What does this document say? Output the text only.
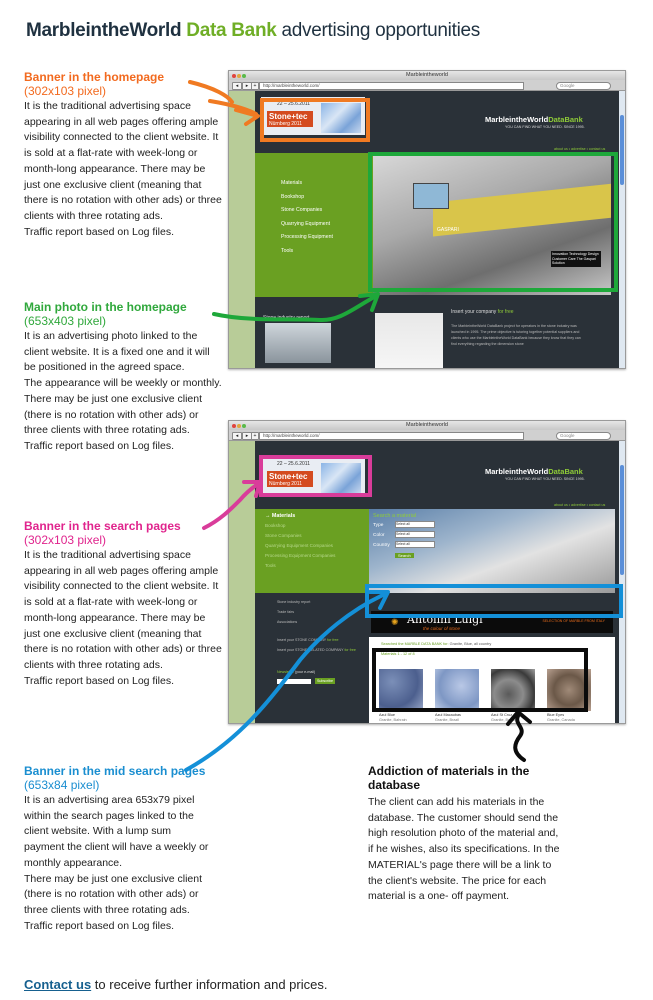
MarbleintheWorld Data Bank advertising opportunities
Banner in the homepage
(302x103 pixel)

It is the traditional advertising space appearing in all web pages offering ample visibility connected to the client website. It is sold at a flat-rate with week-long or month-long appearance. There may be just one exclusive client (meaning that there is no rotation with other ads) or three clients with three rotating ads.

Traffic report based on Log files.

Main photo in the homepage
(653x403 pixel)

It is an advertising photo linked to the client website. It is a fixed one and it will be positioned in the agreed space.

The appearance will be weekly or monthly.

There may be just one exclusive client (there is no rotation with other ads) or three clients with three rotating ads.

Traffic report based on Log files.

Banner in the search pages
(302x103 pixel)

It is the traditional advertising space appearing in all web pages offering ample visibility connected to the client website. It is sold at a flat-rate with week-long or month-long appearance. There may be just one exclusive client (meaning that there is no rotation with other ads) or three clients with three rotating ads.

Traffic report based on Log files.

Banner in the mid search pages
(653x84 pixel)

It is an advertising area 653x79 pixel within the search pages linked to the client website. With a lump sum payment the client will have a weekly or monthly appearance.

There may be just one exclusive client (there is no rotation with other ads) or three clients with three rotating ads.

Traffic report based on Log files.

Addiction of materials in the database

The client can add his materials in the database. The customer should send the high resolution photo of the material and, if he wishes, also its specifications. In the MATERIAL's page there will be a link to the client's website. The price for each material is a one- off payment.

Marbleintheworld
◂	▸	+	http://marbleintheworld.com/	Google
22 – 25.6.2011
Stone+tec
Nürnberg 2011	MarbleintheWorldDataBank
YOU CAN FIND WHAT YOU NEED. SINCE 1995.
about us • advertise • contact us
Materials
Bookshop
Stone Companies
Quarrying Equipment
Processing Equipment
Tools
GASPARI
Innovation Technology Design Customer Care The Gaspari Solution
Stone industry report
Insert your company for free
The MarbleintheWorld DataBank project for operators in the stone industry was launched in 1995. The prime objective is tutoring together potential suppliers and clients who use the MarbleintheWorld DataBank because they know that they can find everything regarding the dimension stone
Marbleintheworld
◂	▸	+	http://marbleintheworld.com/	Google
22 – 25.6.2011
Stone+tec
Nürnberg 2011
MarbleintheWorldDataBank
YOU CAN FIND WHAT YOU NEED. SINCE 1995.
about us • advertise • contact us
→ Materials
Bookshop
Stone Companies
Quarrying Equipment Companies
Processing Equipment Companies
Tools
Search a material
Type	Select all
Color	Select all
Country Select all
Search
Stone industry report
Trade fairs
Associations
Insert your STONE COMPANY for free
Insert your STONE RELATED COMPANY for free
Newsletter (your e-mail)
Subscribe
✺ Antolini Luigi
the colour of stone
SELECTION OF MARBLE FROM ITALY
Searched the MARBLE DATA BANK for: Granite, Blue, all country
Materials 1 - 12 of 8
Azul Blue
Granite, Bahrain
Azul Macaubas
Granite, Brazil
Azul St Cruz
Granite, Brazil
Blue Eyes
Granite, Canada
Contact us to receive further information and prices.
